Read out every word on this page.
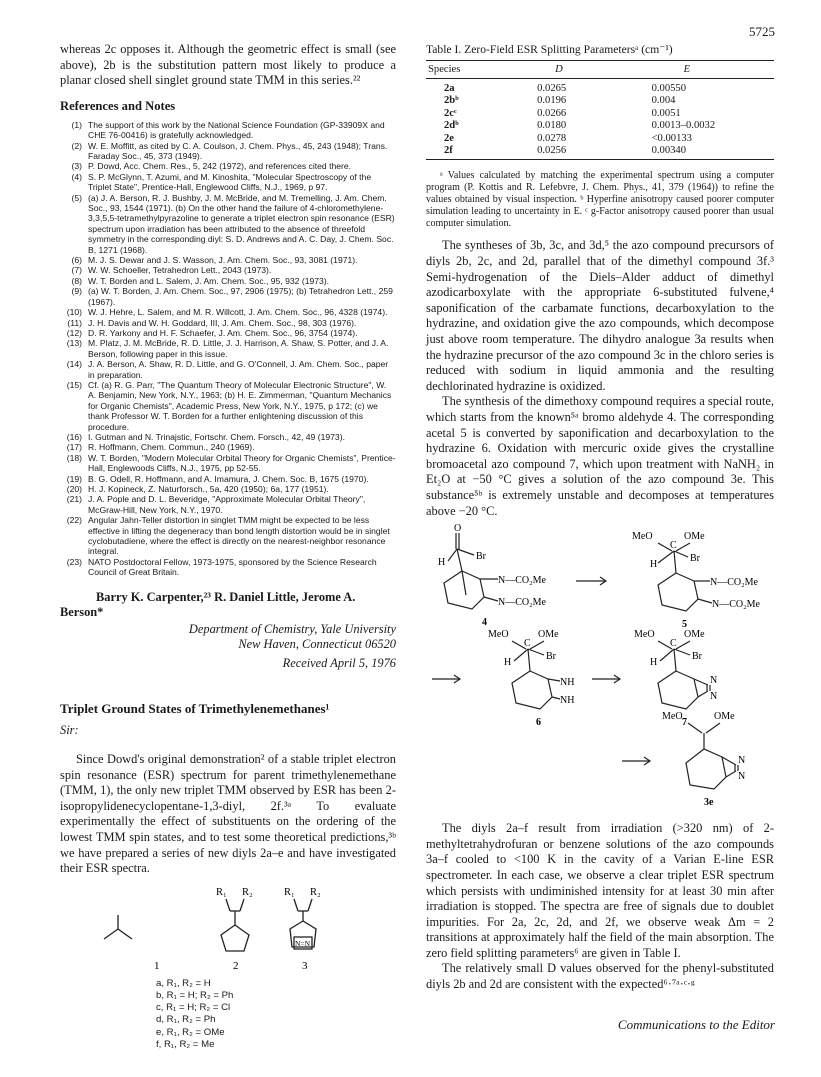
5725

whereas 2c opposes it. Although the geometric effect is small (see above), 2b is the substitution pattern most likely to produce a planar closed shell singlet ground state TMM in this series.²²

References and Notes
(1) The support of this work by the National Science Foundation (GP-33909X and CHE 76-00416) is gratefully acknowledged.
(2) W. E. Moffitt, as cited by C. A. Coulson, J. Chem. Phys., 45, 243 (1948); Trans. Faraday Soc., 45, 373 (1949).
(3) P. Dowd, Acc. Chem. Res., 5, 242 (1972), and references cited there.
(4) S. P. McGlynn, T. Azumi, and M. Kinoshita, "Molecular Spectroscopy of the Triplet State", Prentice-Hall, Englewood Cliffs, N.J., 1969, p 97.
(5) (a) J. A. Berson, R. J. Bushby, J. M. McBride, and M. Tremelling, J. Am. Chem. Soc., 93, 1544 (1971). (b) On the other hand the failure of 4-chloromethylene-3,3,5,5-tetramethylpyrazoline to generate a triplet electron spin resonance (ESR) spectrum upon irradiation has been attributed to the absence of threefold symmetry in the corresponding diyl: S. D. Andrews and A. C. Day, J. Chem. Soc. B, 1271 (1968).
(6) M. J. S. Dewar and J. S. Wasson, J. Am. Chem. Soc., 93, 3081 (1971).
(7) W. W. Schoeller, Tetrahedron Lett., 2043 (1973).
(8) W. T. Borden and L. Salem, J. Am. Chem. Soc., 95, 932 (1973).
(9) (a) W. T. Borden, J. Am. Chem. Soc., 97, 2906 (1975); (b) Tetrahedron Lett., 259 (1967).
(10) W. J. Hehre, L. Salem, and M. R. Willcott, J. Am. Chem. Soc., 96, 4328 (1974).
(11) J. H. Davis and W. H. Goddard, III, J. Am. Chem. Soc., 98, 303 (1976).
(12) D. R. Yarkony and H. F. Schaefer, J. Am. Chem. Soc., 96, 3754 (1974).
(13) M. Platz, J. M. McBride, R. D. Little, J. J. Harrison, A. Shaw, S. Potter, and J. A. Berson, following paper in this issue.
(14) J. A. Berson, A. Shaw, R. D. Little, and G. O'Connell, J. Am. Chem. Soc., paper in preparation.
(15) Cf. (a) R. G. Parr, "The Quantum Theory of Molecular Electronic Structure", W. A. Benjamin, New York, N.Y., 1963; (b) H. E. Zimmerman, "Quantum Mechanics for Organic Chemists", Academic Press, New York, N.Y., 1975, p 172; (c) we thank Professor W. T. Borden for a further enlightening discussion of this procedure.
(16) I. Gutman and N. Trinajstic, Fortschr. Chem. Forsch., 42, 49 (1973).
(17) R. Hoffmann, Chem. Commun., 240 (1969).
(18) W. T. Borden, "Modern Molecular Orbital Theory for Organic Chemists", Prentice-Hall, Englewoods Cliffs, N.J., 1975, pp 52-55.
(19) B. G. Odell, R. Hoffmann, and A. Imamura, J. Chem. Soc. B, 1675 (1970).
(20) H. J. Kopineck, Z. Naturforsch., 5a, 420 (1950); 6a, 177 (1951).
(21) J. A. Pople and D. L. Beveridge, "Approximate Molecular Orbital Theory", McGraw-Hill, New York, N.Y., 1970.
(22) Angular Jahn-Teller distortion in singlet TMM might be expected to be less effective in lifting the degeneracy than bond length distortion would be in singlet cyclobutadiene, where the effect is directly on the nearest-neighbor resonance integral.
(23) NATO Postdoctoral Fellow, 1973-1975, sponsored by the Science Research Council of Great Britain.
Barry K. Carpenter,²³ R. Daniel Little, Jerome A. Berson*
Department of Chemistry, Yale University
New Haven, Connecticut 06520
Received April 5, 1976
Triplet Ground States of Trimethylenemethanes¹
Sir:

Since Dowd's original demonstration² of a stable triplet electron spin resonance (ESR) spectrum for parent trimethylenemethane (TMM, 1), the only new triplet TMM observed by ESR has been 2-isopropylidenecyclopentane-1,3-diyl, 2f.³ᵃ To evaluate experimentally the effect of substituents on the ordering of the lowest TMM spin states, and to test some theoretical predictions,³ᵇ we have prepared a series of new diyls 2a–e and have investigated their ESR spectra.

R₁ R₂	R₁ R₂
N=N
1	2	3
a, R₁, R₂ = H
b, R₁ = H; R₂ = Ph
c, R₁ = H; R₂ = Cl
d, R₁, R₂ = Ph
e, R₁, R₂ = OMe
f, R₁, R₂ = Me
Table I. Zero-Field ESR Splitting Parametersᵃ (cm⁻¹)
Species	D	E
2a	0.0265	0.00550
2bᵇ	0.0196	0.004
2cᶜ	0.0266	0.0051
2dᵇ	0.0180	0.0013–0.0032
2e	0.0278	<0.00133
2f	0.0256	0.00340

ᵃ Values calculated by matching the experimental spectrum using a computer program (P. Kottis and R. Lefebvre, J. Chem. Phys., 41, 379 (1964)) to refine the values obtained by visual inspection. ᵇ Hyperfine anisotropy caused poorer computer simulation leading to uncertainty in E. ᶜ g-Factor anisotropy caused poorer than usual computer simulation.

The syntheses of 3b, 3c, and 3d,⁵ the azo compound precursors of diyls 2b, 2c, and 2d, parallel that of the dimethyl compound 3f.³ Semi-hydrogenation of the Diels–Alder adduct of dimethyl azodicarboxylate with the appropriate 6-substituted fulvene,⁴ saponification of the carbamate functions, decarboxylation to the hydrazine, and oxidation give the azo compounds, which decompose just above room temperature. The dihydro analogue 3a results when the hydrazine precursor of the azo compound 3c in the chloro series is reduced with sodium in liquid ammonia and the resulting dechlorinated hydrazine is oxidized.

The synthesis of the dimethoxy compound requires a special route, which starts from the known⁵ᵃ bromo aldehyde 4. The corresponding acetal 5 is converted by saponification and decarboxylation to the hydrazine 6. Oxidation with mercuric oxide gives the crystalline bromoacetal azo compound 7, which upon treatment with NaNH₂ in Et₂O at −50 °C gives a solution of the azo compound 3e. This substance⁵ᵇ is extremely unstable and decomposes at temperatures above −20 °C.

O
H
Br
N—CO₂Me
N—CO₂Me
4
MeO	OMe
C
H
Br
N—CO₂Me
N—CO₂Me
5
MeO	OMe
C
H
Br
NH
NH
6
MeO	OMe
C
H
Br
N
N
7
MeO	OMe
N
N
3e

The diyls 2a–f result from irradiation (>320 nm) of 2-methyltetrahydrofuran or benzene solutions of the azo compounds 3a–f cooled to <100 K in the cavity of a Varian E-line ESR spectrometer. In each case, we observe a clear triplet ESR spectrum which persists with undiminished intensity for at least 30 min after irradiation is stopped. The spectra are free of signals due to doublet impurities. For 2a, 2c, 2d, and 2f, we observe weak Δm = 2 transitions at approximately half the field of the main absorption. The zero field splitting parameters⁶ are given in Table I.

The relatively small D values observed for the phenyl-substituted diyls 2b and 2d are consistent with the expected⁶·⁷ᵃ·ᶜ·ᵍ

Communications to the Editor
